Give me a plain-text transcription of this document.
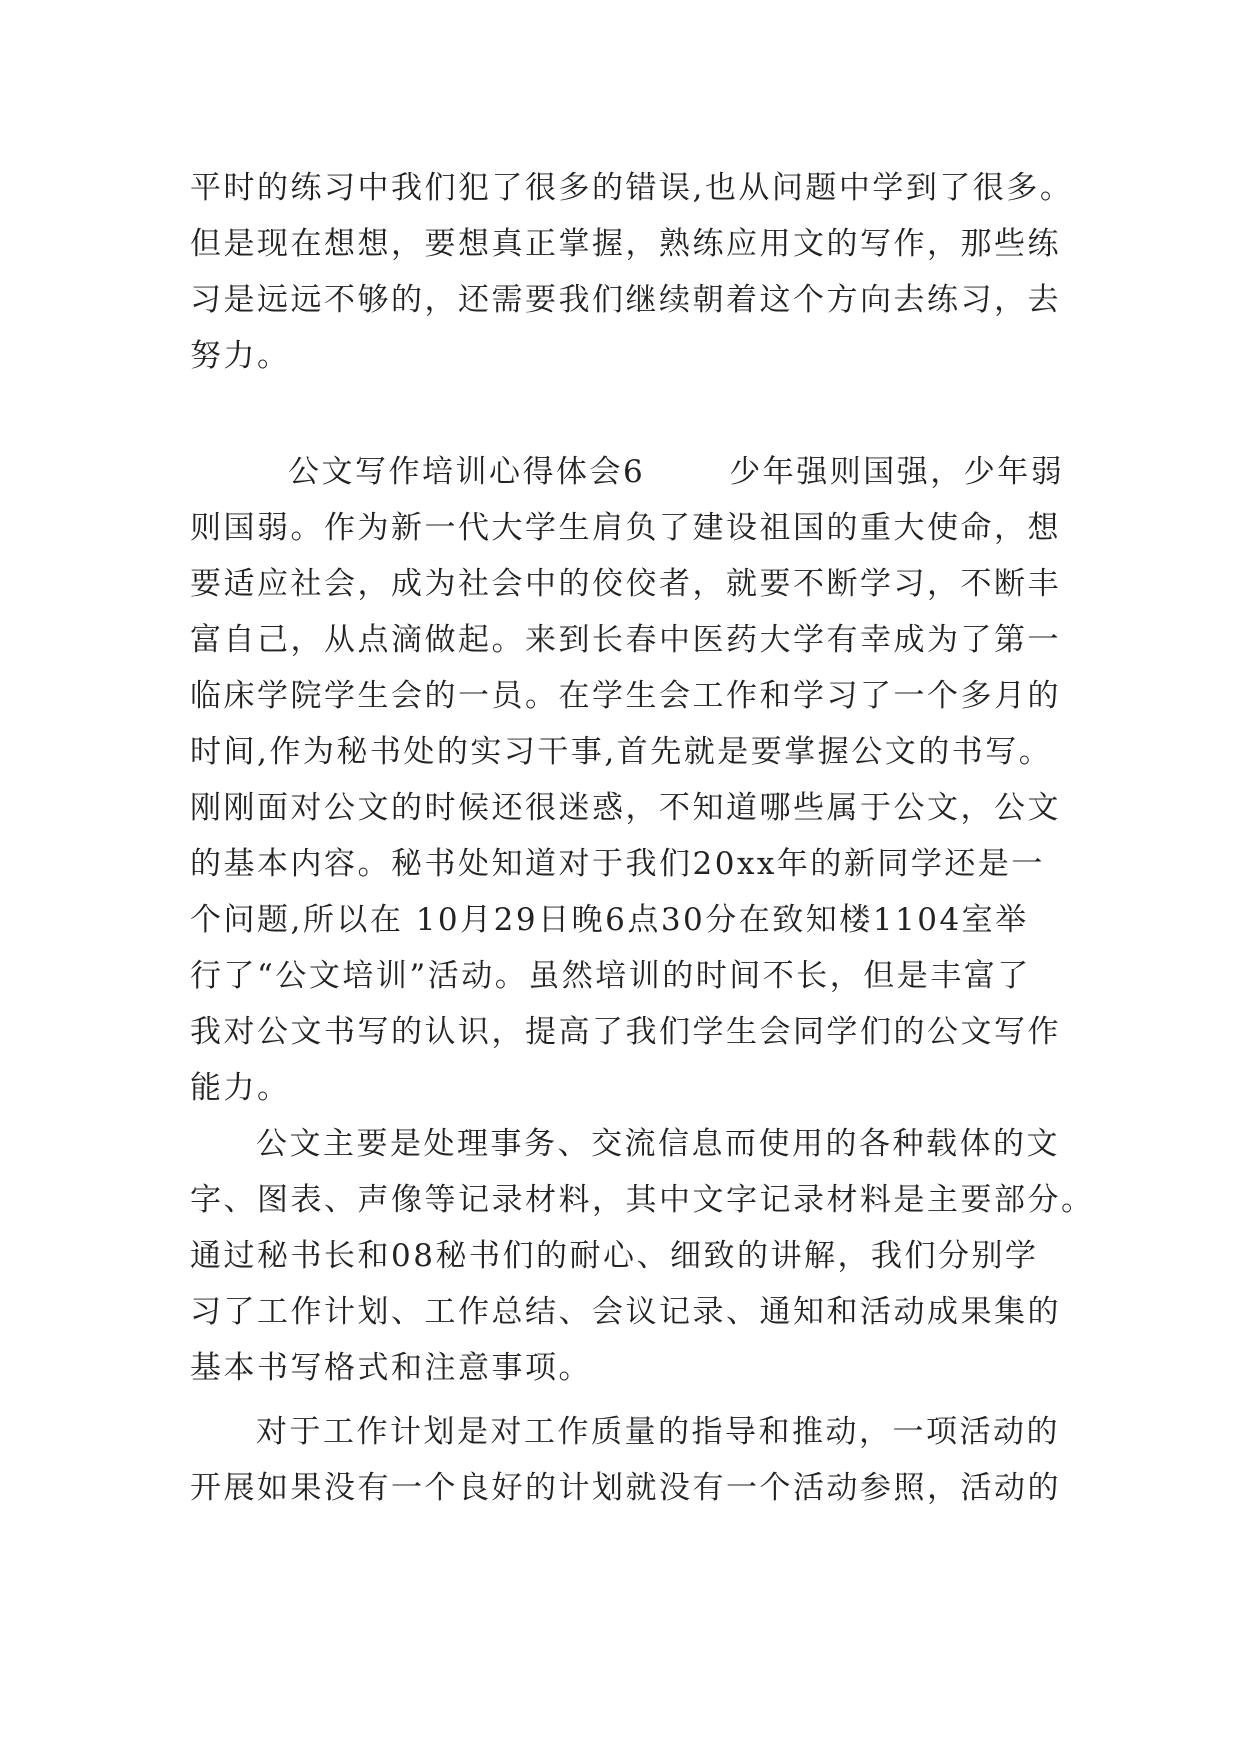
平时的练习中我们犯了很多的错误,也从问题中学到了很多。
但是现在想想，要想真正掌握，熟练应用文的写作，那些练
习是远远不够的，还需要我们继续朝着这个方向去练习，去
努力。
公文写作培训心得体会6	少年强则国强，少年弱
则国弱。作为新一代大学生肩负了建设祖国的重大使命，想
要适应社会，成为社会中的佼佼者，就要不断学习，不断丰
富自己，从点滴做起。来到长春中医药大学有幸成为了第一
临床学院学生会的一员。在学生会工作和学习了一个多月的
时间,作为秘书处的实习干事,首先就是要掌握公文的书写。
刚刚面对公文的时候还很迷惑，不知道哪些属于公文，公文
的基本内容。秘书处知道对于我们20xx年的新同学还是一
个问题,所以在 10月29日晚6点30分在致知楼1104室举
行了“公文培训”活动。虽然培训的时间不长，但是丰富了
我对公文书写的认识，提高了我们学生会同学们的公文写作
能力。
公文主要是处理事务、交流信息而使用的各种载体的文
字、图表、声像等记录材料，其中文字记录材料是主要部分。
通过秘书长和08秘书们的耐心、细致的讲解，我们分别学
习了工作计划、工作总结、会议记录、通知和活动成果集的
基本书写格式和注意事项。
对于工作计划是对工作质量的指导和推动，一项活动的
开展如果没有一个良好的计划就没有一个活动参照，活动的
